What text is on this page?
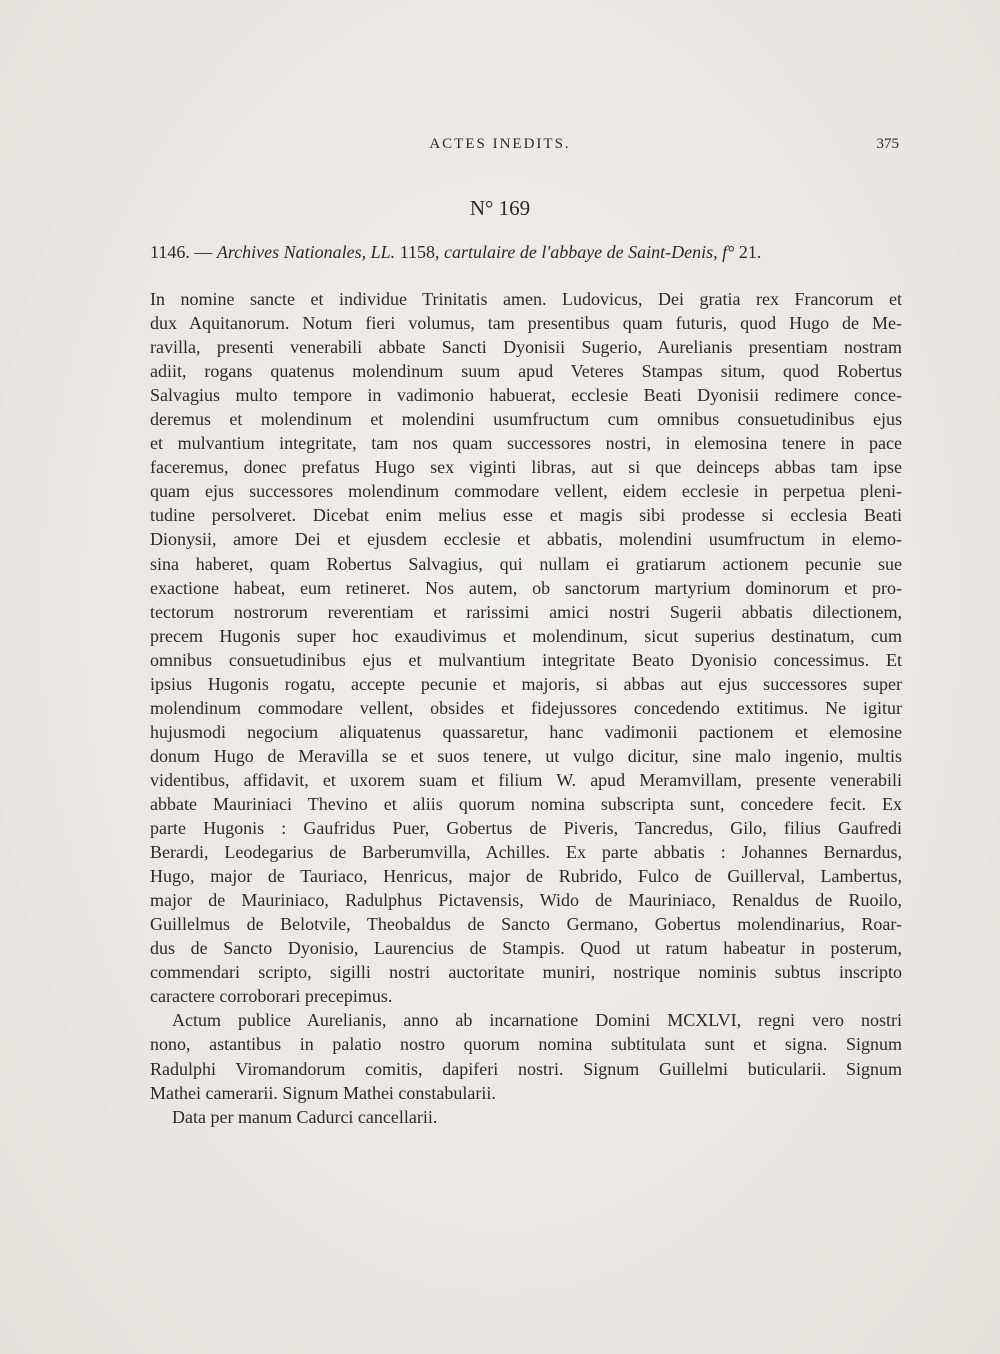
ACTES INEDITS.	375
N° 169
1146. — Archives Nationales, LL. 1158, cartulaire de l'abbaye de Saint-Denis, f° 21.
In nomine sancte et individue Trinitatis amen. Ludovicus, Dei gratia rex Francorum et
dux Aquitanorum. Notum fieri volumus, tam presentibus quam futuris, quod Hugo de Me-
ravilla, presenti venerabili abbate Sancti Dyonisii Sugerio, Aurelianis presentiam nostram
adiit, rogans quatenus molendinum suum apud Veteres Stampas situm, quod Robertus
Salvagius multo tempore in vadimonio habuerat, ecclesie Beati Dyonisii redimere conce-
deremus et molendinum et molendini usumfructum cum omnibus consuetudinibus ejus
et mulvantium integritate, tam nos quam successores nostri, in elemosina tenere in pace
faceremus, donec prefatus Hugo sex viginti libras, aut si que deinceps abbas tam ipse
quam ejus successores molendinum commodare vellent, eidem ecclesie in perpetua pleni-
tudine persolveret. Dicebat enim melius esse et magis sibi prodesse si ecclesia Beati
Dionysii, amore Dei et ejusdem ecclesie et abbatis, molendini usumfructum in elemo-
sina haberet, quam Robertus Salvagius, qui nullam ei gratiarum actionem pecunie sue
exactione habeat, eum retineret. Nos autem, ob sanctorum martyrium dominorum et pro-
tectorum nostrorum reverentiam et rarissimi amici nostri Sugerii abbatis dilectionem,
precem Hugonis super hoc exaudivimus et molendinum, sicut superius destinatum, cum
omnibus consuetudinibus ejus et mulvantium integritate Beato Dyonisio concessimus. Et
ipsius Hugonis rogatu, accepte pecunie et majoris, si abbas aut ejus successores super
molendinum commodare vellent, obsides et fidejussores concedendo extitimus. Ne igitur
hujusmodi negocium aliquatenus quassaretur, hanc vadimonii pactionem et elemosine
donum Hugo de Meravilla se et suos tenere, ut vulgo dicitur, sine malo ingenio, multis
videntibus, affidavit, et uxorem suam et filium W. apud Meramvillam, presente venerabili
abbate Mauriniaci Thevino et aliis quorum nomina subscripta sunt, concedere fecit. Ex
parte Hugonis : Gaufridus Puer, Gobertus de Piveris, Tancredus, Gilo, filius Gaufredi
Berardi, Leodegarius de Barberumvilla, Achilles. Ex parte abbatis : Johannes Bernardus,
Hugo, major de Tauriaco, Henricus, major de Rubrido, Fulco de Guillerval, Lambertus,
major de Mauriniaco, Radulphus Pictavensis, Wido de Mauriniaco, Renaldus de Ruoilo,
Guillelmus de Belotvile, Theobaldus de Sancto Germano, Gobertus molendinarius, Roar-
dus de Sancto Dyonisio, Laurencius de Stampis. Quod ut ratum habeatur in posterum,
commendari scripto, sigilli nostri auctoritate muniri, nostrique nominis subtus inscripto
caractere corroborari precepimus.
Actum publice Aurelianis, anno ab incarnatione Domini MCXLVI, regni vero nostri
nono, astantibus in palatio nostro quorum nomina subtitulata sunt et signa. Signum
Radulphi Viromandorum comitis, dapiferi nostri. Signum Guillelmi buticularii. Signum
Mathei camerarii. Signum Mathei constabularii.
Data per manum Cadurci cancellarii.
